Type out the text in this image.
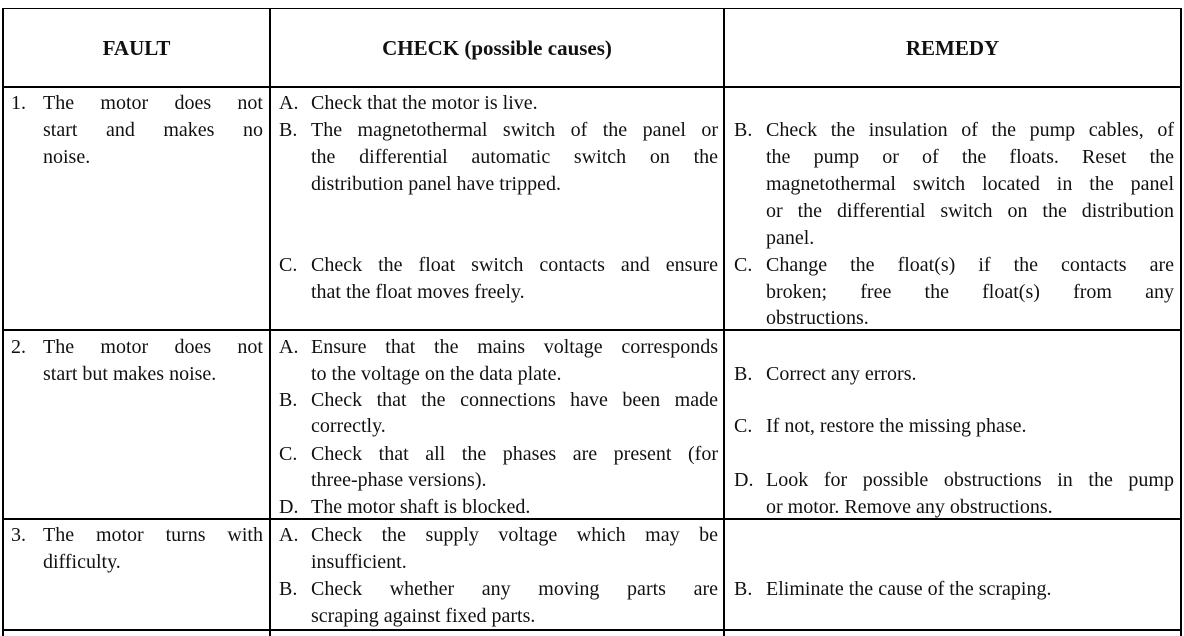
FAULT	CHECK (possible causes)	REMEDY
1. The motor does not
start and makes no
noise.
A. Check that the motor is live.
B. The magnetothermal switch of the panel or
the differential automatic switch on the
distribution panel have tripped.
C. Check the float switch contacts and ensure
that the float moves freely.
B. Check the insulation of the pump cables, of
the pump or of the floats. Reset the
magnetothermal switch located in the panel
or the differential switch on the distribution
panel.
C. Change the float(s) if the contacts are
broken; free the float(s) from any
obstructions.
2. The motor does not
start but makes noise.
A. Ensure that the mains voltage corresponds
to the voltage on the data plate.
B. Check that the connections have been made
correctly.
C. Check that all the phases are present (for
three-phase versions).
D. The motor shaft is blocked.
B. Correct any errors.
C. If not, restore the missing phase.
D. Look for possible obstructions in the pump
or motor. Remove any obstructions.
3. The motor turns with
difficulty.
A. Check the supply voltage which may be
insufficient.
B. Check whether any moving parts are
scraping against fixed parts.
B. Eliminate the cause of the scraping.
